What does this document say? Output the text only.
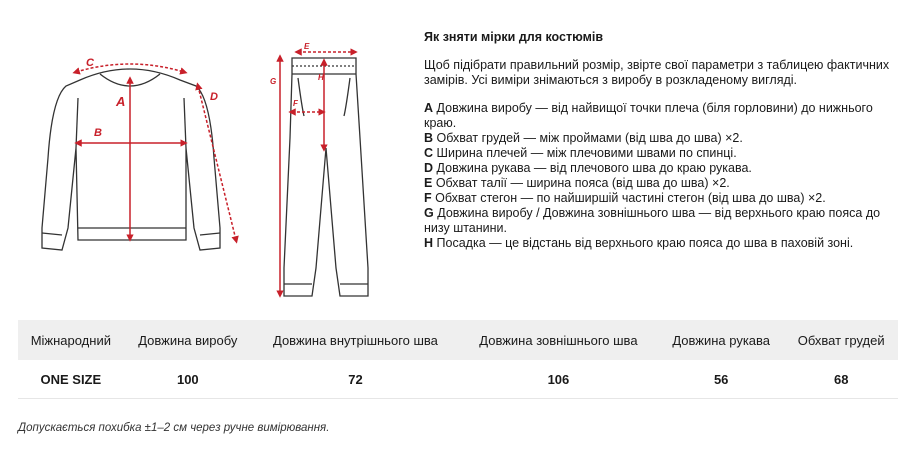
C
A
B
D
E
G	H
F
Як зняти мірки для костюмів
Щоб підібрати правильний розмір, звірте свої параметри з таблицею фактичних замірів. Усі виміри знімаються з виробу в розкладеному вигляді.
A Довжина виробу — від найвищої точки плеча (біля горловини) до нижнього краю.
B Обхват грудей — між проймами (від шва до шва) ×2.
C Ширина плечей — між плечовими швами по спинці.
D Довжина рукава — від плечового шва до краю рукава.
E Обхват талії — ширина пояса (від шва до шва) ×2.
F Обхват стегон — по найширшій частині стегон (від шва до шва) ×2.
G Довжина виробу / Довжина зовнішнього шва — від верхнього краю пояса до низу штанини.
H Посадка — це відстань від верхнього краю пояса до шва в паховій зоні.
Міжнародний	Довжина виробу	Довжина внутрішнього шва	Довжина зовнішнього шва	Довжина рукава	Обхват грудей
ONE SIZE	100	72	106	56	68
Допускається похибка ±1–2 см через ручне вимірювання.
